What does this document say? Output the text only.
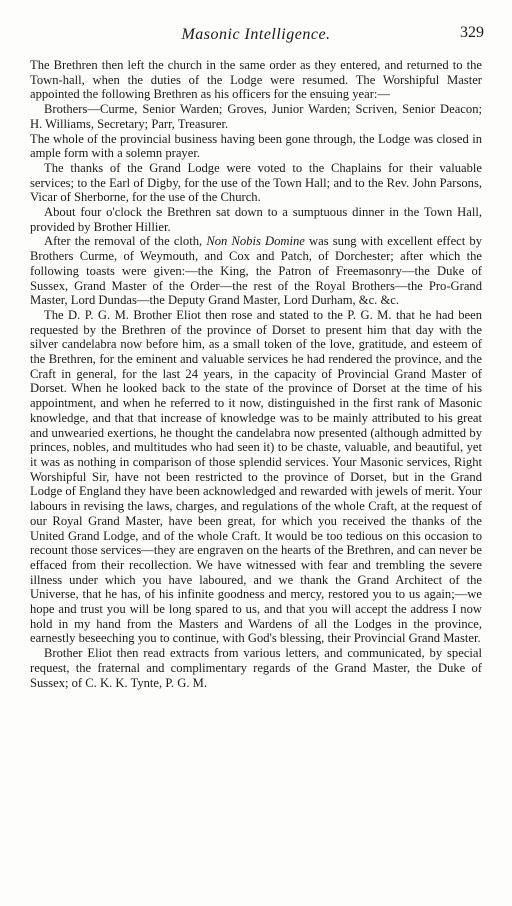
Masonic Intelligence.	329

The Brethren then left the church in the same order as they entered, and returned to the Town-hall, when the duties of the Lodge were resumed. The Worshipful Master appointed the following Brethren as his officers for the ensuing year:—

Brothers—Curme, Senior Warden; Groves, Junior Warden; Scriven, Senior Deacon; H. Williams, Secretary; Parr, Treasurer.

The whole of the provincial business having been gone through, the Lodge was closed in ample form with a solemn prayer.

The thanks of the Grand Lodge were voted to the Chaplains for their valuable services; to the Earl of Digby, for the use of the Town Hall; and to the Rev. John Parsons, Vicar of Sherborne, for the use of the Church.

About four o'clock the Brethren sat down to a sumptuous dinner in the Town Hall, provided by Brother Hillier.

After the removal of the cloth, Non Nobis Domine was sung with excellent effect by Brothers Curme, of Weymouth, and Cox and Patch, of Dorchester; after which the following toasts were given:—the King, the Patron of Freemasonry—the Duke of Sussex, Grand Master of the Order—the rest of the Royal Brothers—the Pro-Grand Master, Lord Dundas—the Deputy Grand Master, Lord Durham, &c. &c.

The D. P. G. M. Brother Eliot then rose and stated to the P. G. M. that he had been requested by the Brethren of the province of Dorset to present him that day with the silver candelabra now before him, as a small token of the love, gratitude, and esteem of the Brethren, for the eminent and valuable services he had rendered the province, and the Craft in general, for the last 24 years, in the capacity of Provincial Grand Master of Dorset. When he looked back to the state of the province of Dorset at the time of his appointment, and when he referred to it now, distinguished in the first rank of Masonic knowledge, and that that increase of knowledge was to be mainly attributed to his great and unwearied exertions, he thought the candelabra now presented (although admitted by princes, nobles, and multitudes who had seen it) to be chaste, valuable, and beautiful, yet it was as nothing in comparison of those splendid services. Your Masonic services, Right Worshipful Sir, have not been restricted to the province of Dorset, but in the Grand Lodge of England they have been acknowledged and rewarded with jewels of merit. Your labours in revising the laws, charges, and regulations of the whole Craft, at the request of our Royal Grand Master, have been great, for which you received the thanks of the United Grand Lodge, and of the whole Craft. It would be too tedious on this occasion to recount those services—they are engraven on the hearts of the Brethren, and can never be effaced from their recollection. We have witnessed with fear and trembling the severe illness under which you have laboured, and we thank the Grand Architect of the Universe, that he has, of his infinite goodness and mercy, restored you to us again;—we hope and trust you will be long spared to us, and that you will accept the address I now hold in my hand from the Masters and Wardens of all the Lodges in the province, earnestly beseeching you to continue, with God's blessing, their Provincial Grand Master.

Brother Eliot then read extracts from various letters, and communicated, by special request, the fraternal and complimentary regards of the Grand Master, the Duke of Sussex; of C. K. K. Tynte, P. G. M.
